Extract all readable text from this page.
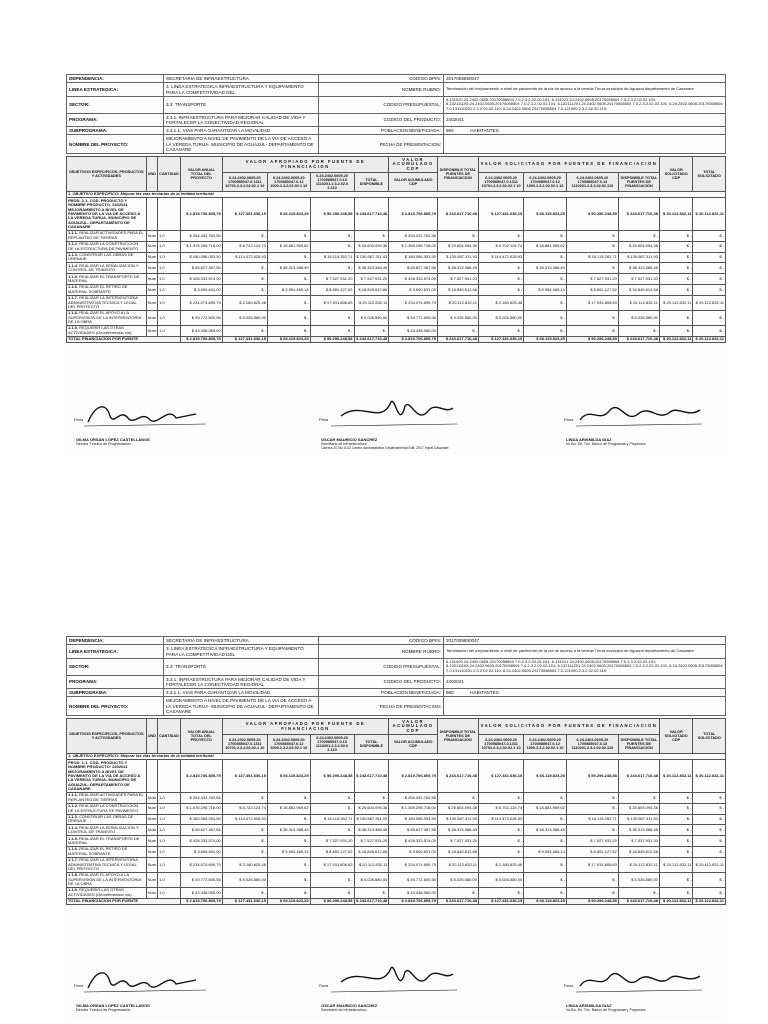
DEPENDENCIA:	SECRETARIA DE INFRAESTRUCTURA	CODIGO BPIN:	2017005850047
LINEA ESTRATEGICA:	3. LINEA ESTRATEGICA INFRAESTRUCTURA Y EQUIPAMIENTO PARA LA COMPETITIVIDAD DEL	NOMBRE RUBRO:	Terminación del mejoramiento a nivel de pavimento de la vía de acceso a la vereda Turua municipio de Aguazul departamento de Casanare
SECTOR:	3.3. TRANSPORTE	CODIGO PRESUPUESTAL:	6.131020.24.2402.0605.20170058504 7.0.2.3.2.02.02.101; 6.131021.24.2402.0605.20170058504 7.0.2.3.2.02.02.101; 6.132111105.24.2402.0605.20170058504 7.0.2.3.2.02.02.101; 6.132111201.24.2402.0605.20170058504 7.0.2.3.2.02.02.101; 6.24.2402.0605.20170058504 7.0.131110201.2.3.2.02.02.110; 6.24.2402.0605.20170058504 7.0.121000.2.3.2.02.02.110;
PROGRAMA:	3.3.1. INFRAESTRUCTURA PARA MEJORAR CALIDAD DE VIDA Y FORTALECER LA CONECTIVIDAD REGIONAL	CODIGO DEL PRODUCTO:	2402041
SUBPROGRAMA:	3.3.1.1. VIAS PARA GARANTIZAR LA MOVILIDAD	POBLACION BENEFICIADA:	980 HABITANTES
NOMBRE DEL PROYECTO:	MEJORAMIENTO A NIVEL DE PAVIMENTO DE LA VIA DE ACCESO A LA VEREDA TURUA- MUNICIPIO DE AGUAZUL- DEPARTAMENTO DE CASANARE	FECHA DE PRESENTACION:	
OBJETIVOS ESPECIFICOS, PRODUCTOS Y ACTIVIDADES	UND	CANTIDAD	VALOR ANUAL TOTAL DEL PROYECTO	VALOR APROPIADO POR FUENTE DE FINANCIACION				VALOR ACUMULADO CDP	DISPONIBLE TOTAL FUENTES DE FINANCIACION	VALOR SOLICITADO POR FUENTES DE FINANCIACION				VALOR SOLICITADO CDP	TOTAL SOLICITADO
				6.24.2402.0605.20 1700585047.0.1311 10701.2.3.2.02.02.1 10	6.24.2402.0605.20 1700585047.0.12 1000.2.3.2.02.02.1 10	6.24.2402.0605.20 1700585047.0.13 1110201.2.3.2.02.0 2.110	TOTAL DISPONIBLE	VALOR ACUMULADO CDP		6.24.2402.0605.20 1700585047.0.1311 10701.2.3.2.02.02.1 10	6.24.2402.0605.20 1700585047.0.12 1000.2.3.2.02.02.1 10	6.24.2402.0605.20 1700585047.0.13 1110201.2.3.2.02.02.110	DISPONIBLE TOTAL FUENTES DE FINANCIACION		
1. OBJETIVO ESPECIFICO: Mejorar las vías terciarias de la entidad territorial															
PROD. 1.1. COD. PRODUCTO Y NOMBRE PRODUCTO: 2402041 MEJORAMIENTO A NIVEL DE PAVIMENTO DE LA VIA DE ACCESO A LA VEREDA TURUA- MUNICIPIO DE AGUAZUL- DEPARTAMENTO DE CASANARE			$ 2.819.706.805,79	$ 127.451.636,15	$ 66.119.823,25	$ 50.296.248,58	$ 243.617.710,48	$ 2.819.706.805,79	$ 243.617.710,48	$ 127.431.636,15	$ 66.119.823,25	$ 50.296.248,58	$ 243.617.710,48	$ 20.112.832,11	$ 20.112.832,11
1.1.1. REALIZAR ACTIVIDADES PARA EL REPLANTEO DE TIERRAS	Num	1,0	$ 254.432.762,56	$ -	$ -	$ -	$ -	$ 254.432.762,56	$ -	$ -	$ -	$ -	$ -	$ -	$ -
1.1.2. REALIZAR LA CONSTRUCCION DE LA ESTRUCTURA DE PAVIMENTO	Num	1,0	$ 1.576.296.718,00	$ 6.722.124,74	$ 18.881.969,62	$ -	$ 25.604.094,36	$ 1.369.296.718,00	$ 25.604.094,36	$ 6.702.124,74	$ 18.881.969,62	$ -	$ 25.604.094,36	$ -	$ -
1.1.3. CONSTRUIR LAS OBRAS DE DRENAJE	Num	1,0	$ 180.086.053,50	$ 114.472.028,93	$ -	$ 16.115.352,71	$ 130.587.311,93	$ 180.086.053,50	$ 130.587.311,93	$ 114.472.028,93	$ -	$ 16.115.282,71	$ 130.587.311,93	$ -	$ -
1.1.4. REALIZAR LA SEÑALIZACION Y CONTROL DE TRANSITO	Num	1,0	$ 65.627.467,56	$ -	$ 38.313.388,49	$ -	$ 38.313.388,49	$ 65.627.467,56	$ 38.313.388,49	$ -	$ 38.313.388,49	$ -	$ 38.313.388,49	$ -	$ -
1.1.5. REALIZAR EL TRANSPORTE DE MATERIAL	Num	1,0	$ 428.333.574,00	$ -	$ -	$ 7.527.931,20	$ 7.527.931,20	$ 428.333.574,00	$ 7.527.931,20	$ -	$ -	$ 7.527.931,20	$ 7.527.931,20	$ -	$ -
1.1.6. REALIZAR EL RETIRO DE MATERIAL SOBRANTE	Num	1,0	$ 3.690.631,00	$ -	$ 9.954.465,14	$ 8.891.127,52	$ 18.845.612,66	$ 3.690.631,00	$ 18.845.612,66	$ -	$ 9.954.465,14	$ 8.891.127,52	$ 18.845.612,66	$ -	$ -
1.1.7. REALIZAR LA INTERVENTORIA ADMINISTRATIVA TECNICA Y LEGAL DEL PROYECTO	Num	1,0	$ 234.074.699,79	$ 2.180.625,48	$ -	$ 17.931.806,63	$ 20.112.832,11	$ 234.074.699,79	$ 20.112.832,11	$ 2.180.625,48	$ -	$ 17.931.806,63	$ 20.112.832,11	$ 20.112.832,11	$ 20.112.832,11
1.1.8. REALIZAR EL APOYO A LA SUPERVISION DE LA INTERVENTORIA DE LA OBRA	Num	1,0	$ 49.772.600,56	$ 5.026.580,00	$ -	$ -	$ 5.026.580,00	$ 49.772.600,56	$ 5.026.580,00	$ 5.026.580,00	$ -	$ -	$ 5.026.580,00	$ -	$ -
1.1.9. REQUERIR LAS OTRAS ACTIVIDADES (Georeferenciar vía)	Num	1,0	$ 43.438.050,00	$ -	$ -	$ -	$ -	$ 43.438.050,00	$ -	$ -	$ -	$ -	$ -	$ -	$ -
TOTAL FINANCIACION POR FUENTE			$ 2.819.706.805,79	$ 127.431.636,15	$ 66.119.823,25	$ 50.296.248,58	$ 243.617.710,48	$ 2.819.706.805,79	$ 243.617.710,48	$ 127.431.636,15	$ 66.119.823,25	$ 50.296.248,58	$ 243.617.710,48	$ 20.112.832,11	$ 20.112.832,11
Firma
GILMA ORSAN LOPEZ CASTELLANOS
Director Técnico de Programación
Firma
OSCAR MAURICIO SANCHEZ
Secretario de Infraestructura
Carrera 20 No. 8-02 Centro Administrativo Departamental Edif. 2017 Yopal Casanare
Firma
LINDA ARISMILDA DIAZ
Vo.Bo. Dir. Téc. Banco de Programas y Proyectos
DEPENDENCIA:	SECRETARIA DE INFRAESTRUCTURA	CODIGO BPIN:	2017005850047
LINEA ESTRATEGICA:	3. LINEA ESTRATEGICA INFRAESTRUCTURA Y EQUIPAMIENTO PARA LA COMPETITIVIDAD DEL	NOMBRE RUBRO:	Terminación del mejoramiento a nivel de pavimento de la vía de acceso a la vereda Turua municipio de Aguazul departamento de Casanare
SECTOR:	3.3. TRANSPORTE	CODIGO PRESUPUESTAL:	6.131020.24.2402.0605.20170058504 7.0.2.3.2.02.02.101; 6.131021.24.2402.0605.20170058504 7.0.2.3.2.02.02.101; 6.132111105.24.2402.0605.20170058504 7.0.2.3.2.02.02.101; 6.132111201.24.2402.0605.20170058504 7.0.2.3.2.02.02.101; 6.24.2402.0605.20170058504 7.0.131110201.2.3.2.02.02.110; 6.24.2402.0605.20170058504 7.0.121000.2.3.2.02.02.110;
PROGRAMA:	3.3.1. INFRAESTRUCTURA PARA MEJORAR CALIDAD DE VIDA Y FORTALECER LA CONECTIVIDAD REGIONAL	CODIGO DEL PRODUCTO:	2402041
SUBPROGRAMA:	3.3.1.1. VIAS PARA GARANTIZAR LA MOVILIDAD	POBLACION BENEFICIADA:	980 HABITANTES
NOMBRE DEL PROYECTO:	MEJORAMIENTO A NIVEL DE PAVIMENTO DE LA VIA DE ACCESO A LA VEREDA TURUA- MUNICIPIO DE AGUAZUL- DEPARTAMENTO DE CASANARE	FECHA DE PRESENTACION:	
OBJETIVOS ESPECIFICOS, PRODUCTOS Y ACTIVIDADES	UND	CANTIDAD	VALOR ANUAL TOTAL DEL PROYECTO	VALOR APROPIADO POR FUENTE DE FINANCIACION				VALOR ACUMULADO CDP	DISPONIBLE TOTAL FUENTES DE FINANCIACION	VALOR SOLICITADO POR FUENTES DE FINANCIACION				VALOR SOLICITADO CDP	TOTAL SOLICITADO
				6.24.2402.0605.20 1700585047.0.1311 10701.2.3.2.02.02.1 10	6.24.2402.0605.20 1700585047.0.12 1000.2.3.2.02.02.1 10	6.24.2402.0605.20 1700585047.0.13 1110201.2.3.2.02.0 2.110	TOTAL DISPONIBLE	VALOR ACUMULADO CDP		6.24.2402.0605.20 1700585047.0.1311 10701.2.3.2.02.02.1 10	6.24.2402.0605.20 1700585047.0.12 1000.2.3.2.02.02.1 10	6.24.2402.0605.20 1700585047.0.13 1110201.2.3.2.02.02.110	DISPONIBLE TOTAL FUENTES DE FINANCIACION		
1. OBJETIVO ESPECIFICO: Mejorar las vías terciarias de la entidad territorial															
PROD. 1.1. COD. PRODUCTO Y NOMBRE PRODUCTO: 2402041 MEJORAMIENTO A NIVEL DE PAVIMENTO DE LA VIA DE ACCESO A LA VEREDA TURUA- MUNICIPIO DE AGUAZUL- DEPARTAMENTO DE CASANARE			$ 2.819.706.805,79	$ 127.451.636,15	$ 66.119.823,25	$ 50.296.248,58	$ 243.617.710,48	$ 2.819.706.805,79	$ 243.617.710,48	$ 127.431.636,15	$ 66.119.823,25	$ 50.296.248,58	$ 243.617.710,48	$ 20.112.832,11	$ 20.112.832,11
1.1.1. REALIZAR ACTIVIDADES PARA EL REPLANTEO DE TIERRAS	Num	1,0	$ 254.432.762,56	$ -	$ -	$ -	$ -	$ 254.432.762,56	$ -	$ -	$ -	$ -	$ -	$ -	$ -
1.1.2. REALIZAR LA CONSTRUCCION DE LA ESTRUCTURA DE PAVIMENTO	Num	1,0	$ 1.576.296.718,00	$ 6.722.124,74	$ 18.881.969,62	$ -	$ 25.604.094,36	$ 1.369.296.718,00	$ 25.604.094,36	$ 6.702.124,74	$ 18.881.969,62	$ -	$ 25.604.094,36	$ -	$ -
1.1.3. CONSTRUIR LAS OBRAS DE DRENAJE	Num	1,0	$ 180.086.053,50	$ 114.472.028,93	$ -	$ 16.115.352,71	$ 130.587.311,93	$ 180.086.053,50	$ 130.587.311,93	$ 114.472.028,93	$ -	$ 16.115.282,71	$ 130.587.311,93	$ -	$ -
1.1.4. REALIZAR LA SEÑALIZACION Y CONTROL DE TRANSITO	Num	1,0	$ 65.627.467,56	$ -	$ 38.313.388,49	$ -	$ 38.313.388,49	$ 65.627.467,56	$ 38.313.388,49	$ -	$ 38.313.388,49	$ -	$ 38.313.388,49	$ -	$ -
1.1.5. REALIZAR EL TRANSPORTE DE MATERIAL	Num	1,0	$ 428.333.574,00	$ -	$ -	$ 7.527.931,20	$ 7.527.931,20	$ 428.333.574,00	$ 7.527.931,20	$ -	$ -	$ 7.527.931,20	$ 7.527.931,20	$ -	$ -
1.1.6. REALIZAR EL RETIRO DE MATERIAL SOBRANTE	Num	1,0	$ 3.690.631,00	$ -	$ 9.954.465,14	$ 8.891.127,52	$ 18.845.612,66	$ 3.690.631,00	$ 18.845.612,66	$ -	$ 9.954.465,14	$ 8.891.127,52	$ 18.845.612,66	$ -	$ -
1.1.7. REALIZAR LA INTERVENTORIA ADMINISTRATIVA TECNICA Y LEGAL DEL PROYECTO	Num	1,0	$ 234.074.699,79	$ 2.180.625,48	$ -	$ 17.931.806,63	$ 20.112.832,11	$ 234.074.699,79	$ 20.112.832,11	$ 2.180.625,48	$ -	$ 17.931.806,63	$ 20.112.832,11	$ 20.112.832,11	$ 20.112.832,11
1.1.8. REALIZAR EL APOYO A LA SUPERVISION DE LA INTERVENTORIA DE LA OBRA	Num	1,0	$ 49.772.600,56	$ 5.026.580,00	$ -	$ -	$ 5.026.580,00	$ 49.772.600,56	$ 5.026.580,00	$ 5.026.580,00	$ -	$ -	$ 5.026.580,00	$ -	$ -
1.1.9. REQUERIR LAS OTRAS ACTIVIDADES (Georeferenciar vía)	Num	1,0	$ 43.438.050,00	$ -	$ -	$ -	$ -	$ 43.438.050,00	$ -	$ -	$ -	$ -	$ -	$ -	$ -
TOTAL FINANCIACION POR FUENTE			$ 2.819.706.805,79	$ 127.431.636,15	$ 66.119.823,25	$ 50.296.248,58	$ 243.617.710,48	$ 2.819.706.805,79	$ 243.617.710,48	$ 127.431.636,15	$ 66.119.823,25	$ 50.296.248,58	$ 243.617.710,48	$ 20.112.832,11	$ 20.112.832,11
Firma
GILMA ORSAN LOPEZ CASTELLANOS
Director Técnico de Programación
Firma
OSCAR MAURICIO SANCHEZ
Secretario de Infraestructura
Firma
LINDA ARISMILDA DIAZ
Vo.Bo. Dir. Téc. Banco de Programas y Proyectos
